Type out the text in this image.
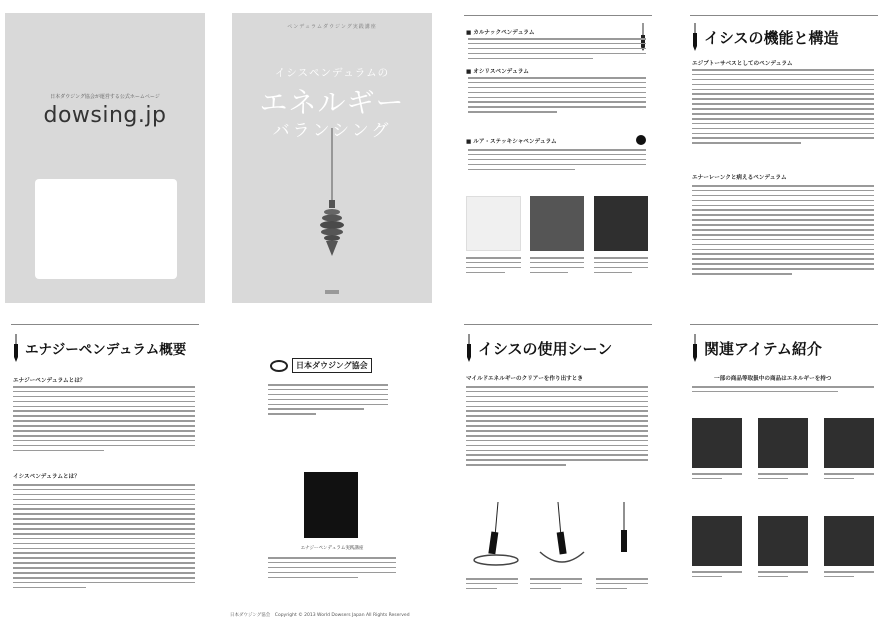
日本ダウジング協会が運営する公式ホームページ
dowsing.jp
ペンデュラムダウジング実践講座
イシスペンデュラムの
エネルギー
バランシング
■ カルナックペンデュラム
■ オシリスペンデュラム
■ ルア・ステッキシャペンデュラム
イシスの機能と構造
エジプトーサベスとしてのペンデュラム
エナーレーンクと病えるペンデュラム
エナジーペンデュラム概要
エナジーペンデュラムとは？
イシスペンデュラムとは？
日本ダウジング協会
エナジーペンデュラム実践講座
日本ダウジング協会　Copyright © 2013 World Dowsers Japan All Rights Reserved
イシスの使用シーン
マイルドエネルギーのクリアーを作り出すとき
関連アイテム紹介
一部の商品等取扱中の商品はエネルギーを持つ
